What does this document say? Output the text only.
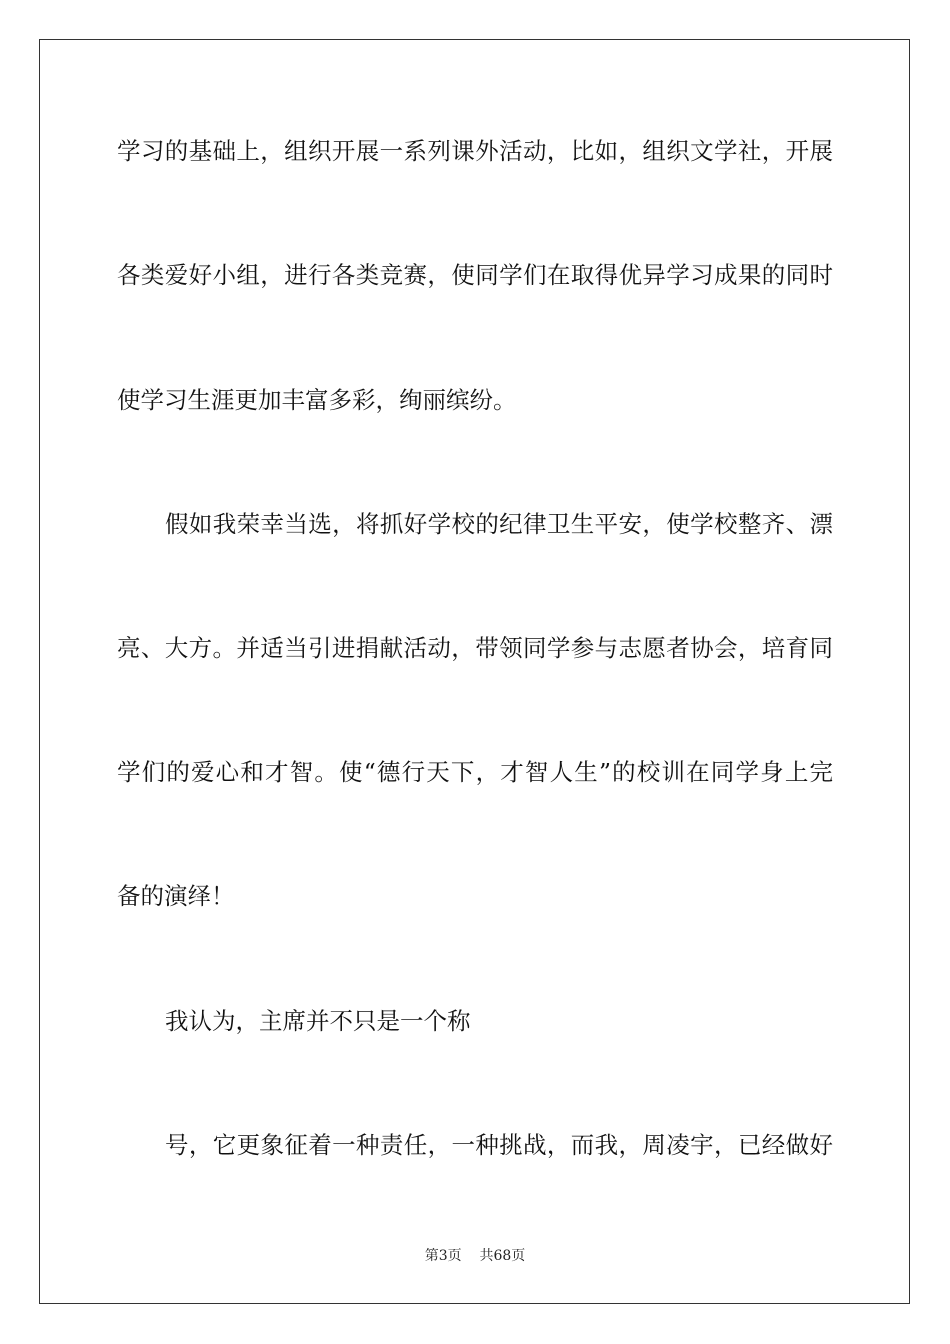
学习的基础上，组织开展一系列课外活动，比如，组织文学社，开展
各类爱好小组，进行各类竞赛，使同学们在取得优异学习成果的同时
使学习生涯更加丰富多彩，绚丽缤纷。
假如我荣幸当选，将抓好学校的纪律卫生平安，使学校整齐、漂
亮、大方。并适当引进捐献活动，带领同学参与志愿者协会，培育同
学们的爱心和才智。使“德行天下，才智人生”的校训在同学身上完
备的演绎！
我认为，主席并不只是一个称
号，它更象征着一种责任，一种挑战，而我，周凌宇，已经做好
第3页    共68页
